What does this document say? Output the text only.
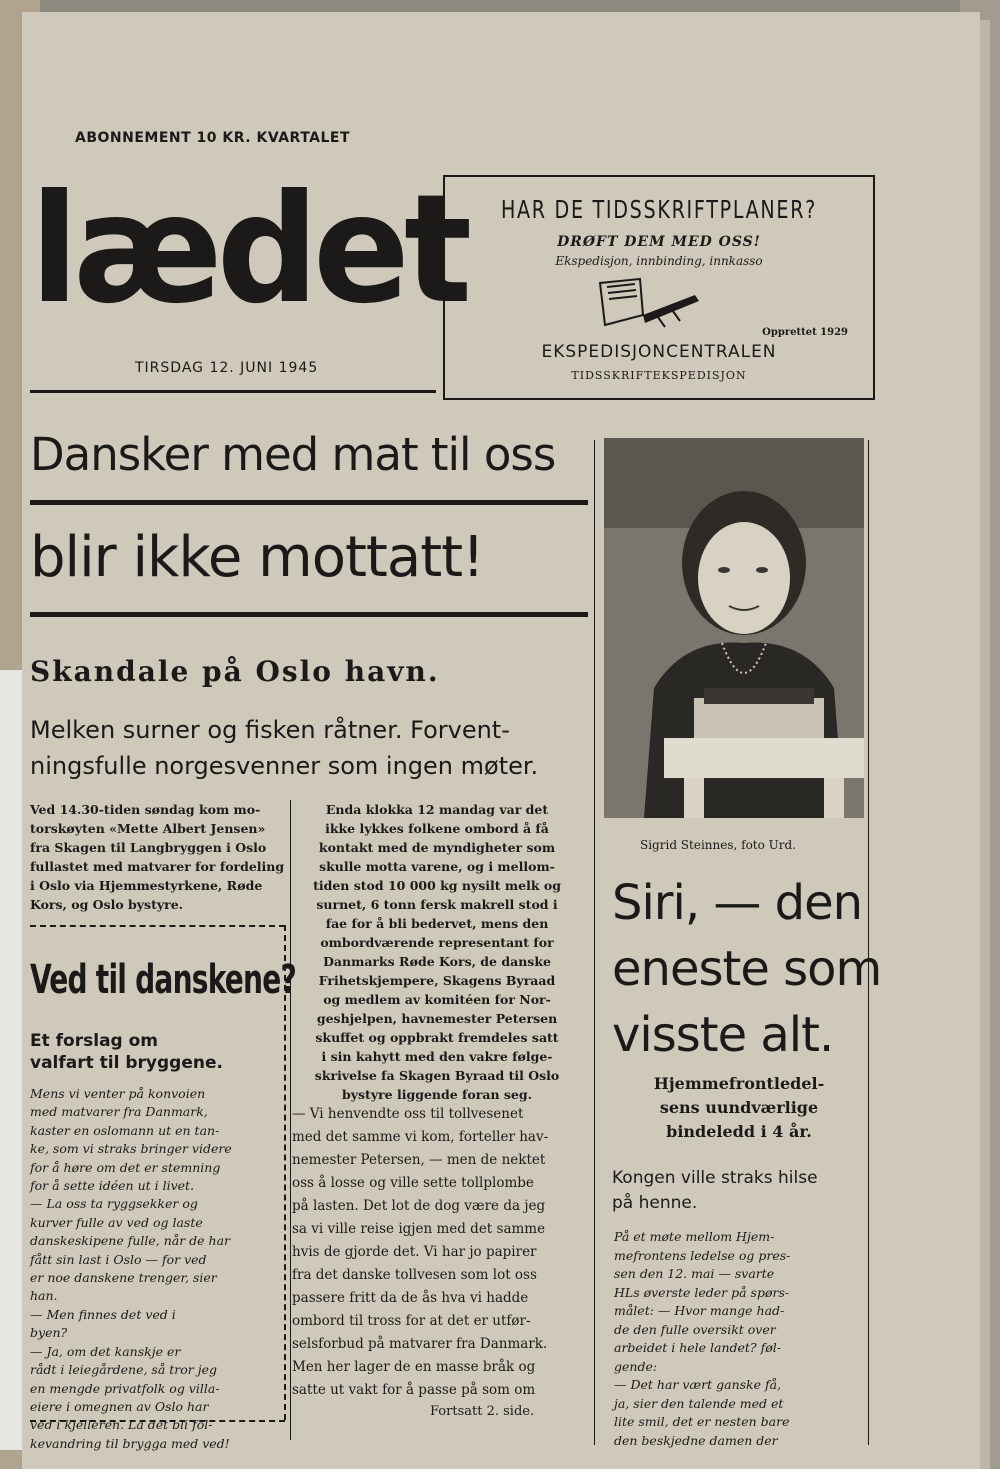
ABONNEMENT 10 KR. KVARTALET
lædet
TIRSDAG 12. JUNI 1945
HAR DE TIDSSKRIFTPLANER?
DRØFT DEM MED OSS!
Ekspedisjon, innbinding, innkasso
Opprettet 1929
EKSPEDISJONCENTRALEN
TIDSSKRIFTEKSPEDISJON
Dansker med mat til oss
blir ikke mottatt!
Skandale på Oslo havn.
Melken surner og fisken råtner. Forvent-
ningsfulle norgesvenner som ingen møter.

Ved 14.30-tiden søndag kom mo-
torskøyten «Mette Albert Jensen»
fra Skagen til Langbryggen i Oslo
fullastet med matvarer for fordeling
i Oslo via Hjemmestyrkene, Røde
Kors, og Oslo bystyre.

Enda klokka 12 mandag var det
ikke lykkes folkene ombord å få
kontakt med de myndigheter som
skulle motta varene, og i mellom-
tiden stod 10 000 kg nysilt melk og
surnet, 6 tonn fersk makrell stod i
fae for å bli bedervet, mens den
ombordværende representant for
Danmarks Røde Kors, de danske
Frihetskjempere, Skagens Byraad
og medlem av komitéen for Nor-
geshjelpen, havnemester Petersen
skuffet og oppbrakt fremdeles satt
i sin kahytt med den vakre følge-
skrivelse fa Skagen Byraad til Oslo
bystyre liggende foran seg.

— Vi henvendte oss til tollvesenet
med det samme vi kom, forteller hav-
nemester Petersen, — men de nektet
oss å losse og ville sette tollplombe
på lasten. Det lot de dog være da jeg
sa vi ville reise igjen med det samme
hvis de gjorde det. Vi har jo papirer
fra det danske tollvesen som lot oss
passere fritt da de ås hva vi hadde
ombord til tross for at det er utfør-
selsforbud på matvarer fra Danmark.
Men her lager de en masse bråk og
satte ut vakt for å passe på som om

Fortsatt 2. side.
Ved til danskene?
Et forslag om
valfart til bryggene.

Mens vi venter på konvoien
med matvarer fra Danmark,
kaster en oslomann ut en tan-
ke, som vi straks bringer videre
for å høre om det er stemning
for å sette idéen ut i livet.
— La oss ta ryggsekker og
kurver fulle av ved og laste
danskeskipene fulle, når de har
fått sin last i Oslo — for ved
er noe danskene trenger, sier
han.
— Men finnes det ved i
byen?
— Ja, om det kanskje er
rådt i leiegårdene, så tror jeg
en mengde privatfolk og villa-
eiere i omegnen av Oslo har
ved i kjelleren. La det bli fol-
kevandring til brygga med ved!

Sigrid Steinnes, foto Urd.
Siri, — den
eneste som
visste alt.
Hjemmefrontledel-
sens uundværlige
bindeledd i 4 år.
Kongen ville straks hilse
på henne.

På et møte mellom Hjem-
mefrontens ledelse og pres-
sen den 12. mai — svarte
HLs øverste leder på spørs-
målet: — Hvor mange had-
de den fulle oversikt over
arbeidet i hele landet? føl-
gende:
— Det har vært ganske få,
ja, sier den talende med et
lite smil, det er nesten bare
den beskjedne damen der
